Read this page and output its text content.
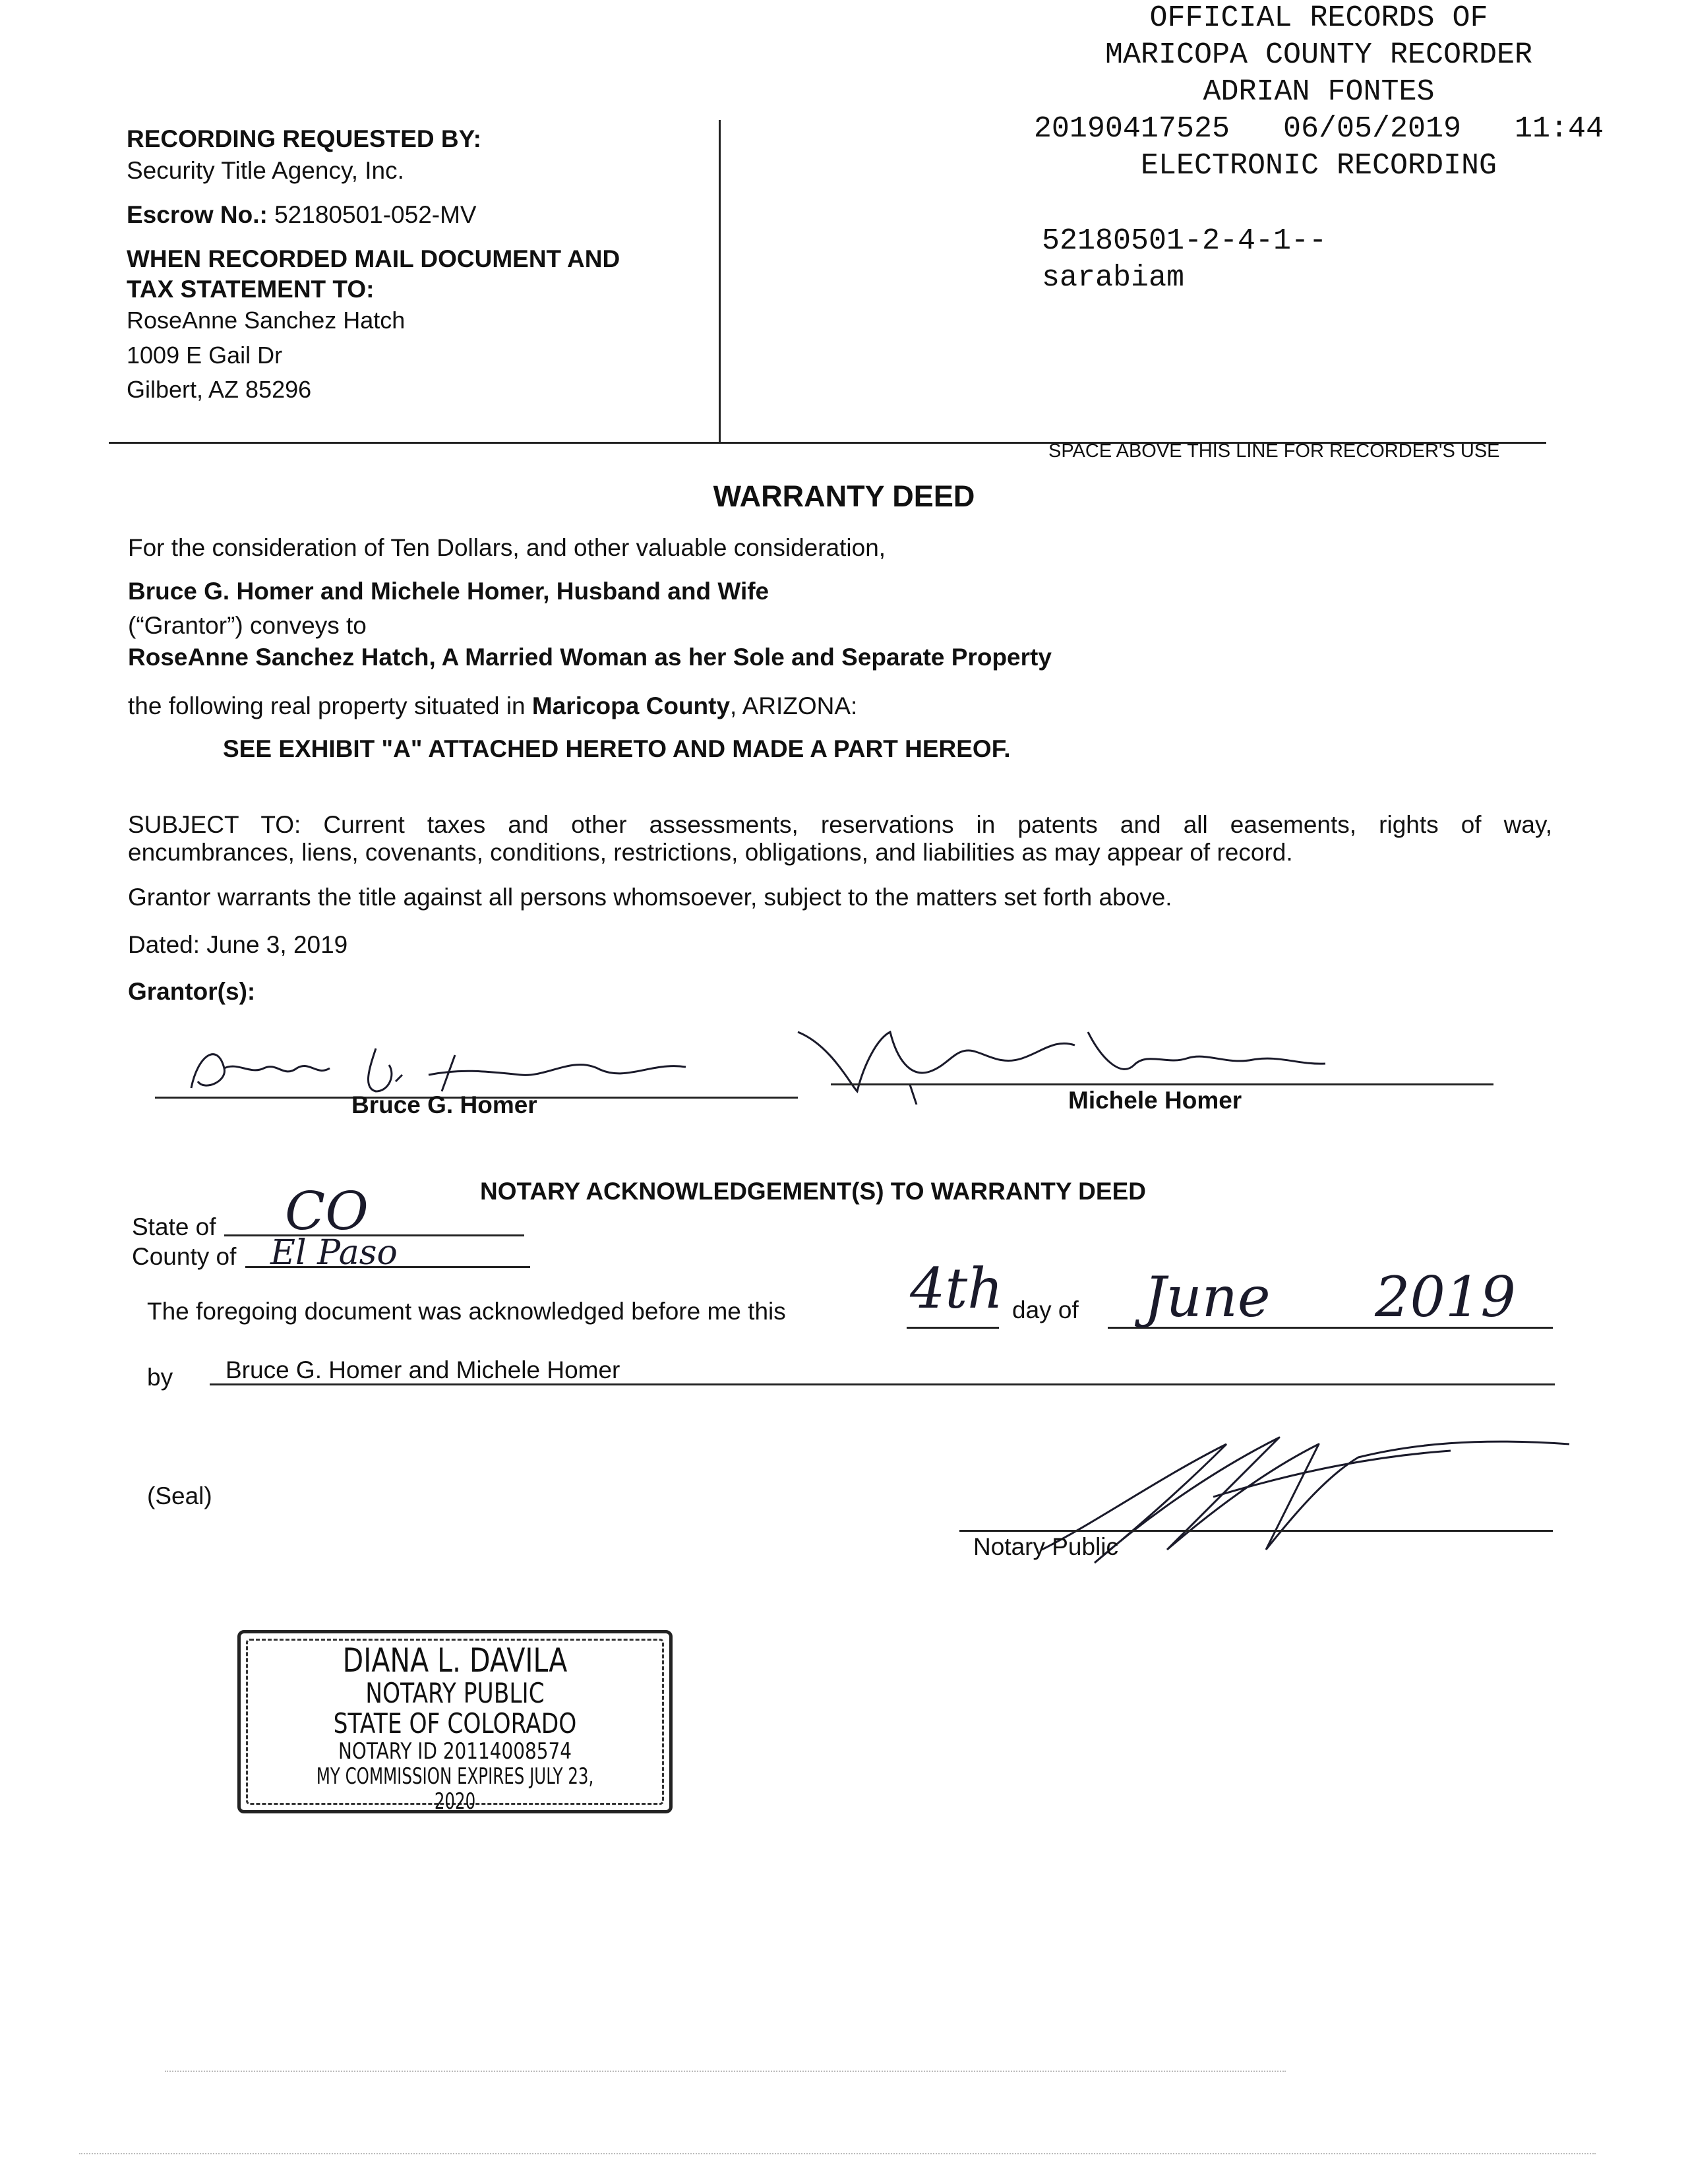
OFFICIAL RECORDS OF
MARICOPA COUNTY RECORDER
ADRIAN FONTES
20190417525 06/05/2019 11:44
ELECTRONIC RECORDING
52180501-2-4-1--
sarabiam
RECORDING REQUESTED BY:
Security Title Agency, Inc.
Escrow No.: 52180501-052-MV
WHEN RECORDED MAIL DOCUMENT AND
TAX STATEMENT TO:
RoseAnne Sanchez Hatch
1009 E Gail Dr
Gilbert, AZ 85296
SPACE ABOVE THIS LINE FOR RECORDER'S USE
WARRANTY DEED
For the consideration of Ten Dollars, and other valuable consideration,
Bruce G. Homer and Michele Homer, Husband and Wife
(“Grantor”) conveys to
RoseAnne Sanchez Hatch, A Married Woman as her Sole and Separate Property
the following real property situated in Maricopa County, ARIZONA:
SEE EXHIBIT "A" ATTACHED HERETO AND MADE A PART HEREOF.
SUBJECT TO: Current taxes and other assessments, reservations in patents and all easements, rights of way,
encumbrances, liens, covenants, conditions, restrictions, obligations, and liabilities as may appear of record.
Grantor warrants the title against all persons whomsoever, subject to the matters set forth above.
Dated: June 3, 2019
Grantor(s):
Bruce G. Homer	Michele Homer
NOTARY ACKNOWLEDGEMENT(S) TO WARRANTY DEED
State of CO
County of El Paso
The foregoing document was acknowledged before me this 4th day of June 2019
by Bruce G. Homer and Michele Homer
(Seal)
Notary Public
DIANA L. DAVILA
NOTARY PUBLIC
STATE OF COLORADO
NOTARY ID 20114008574
MY COMMISSION EXPIRES JULY 23, 2020
